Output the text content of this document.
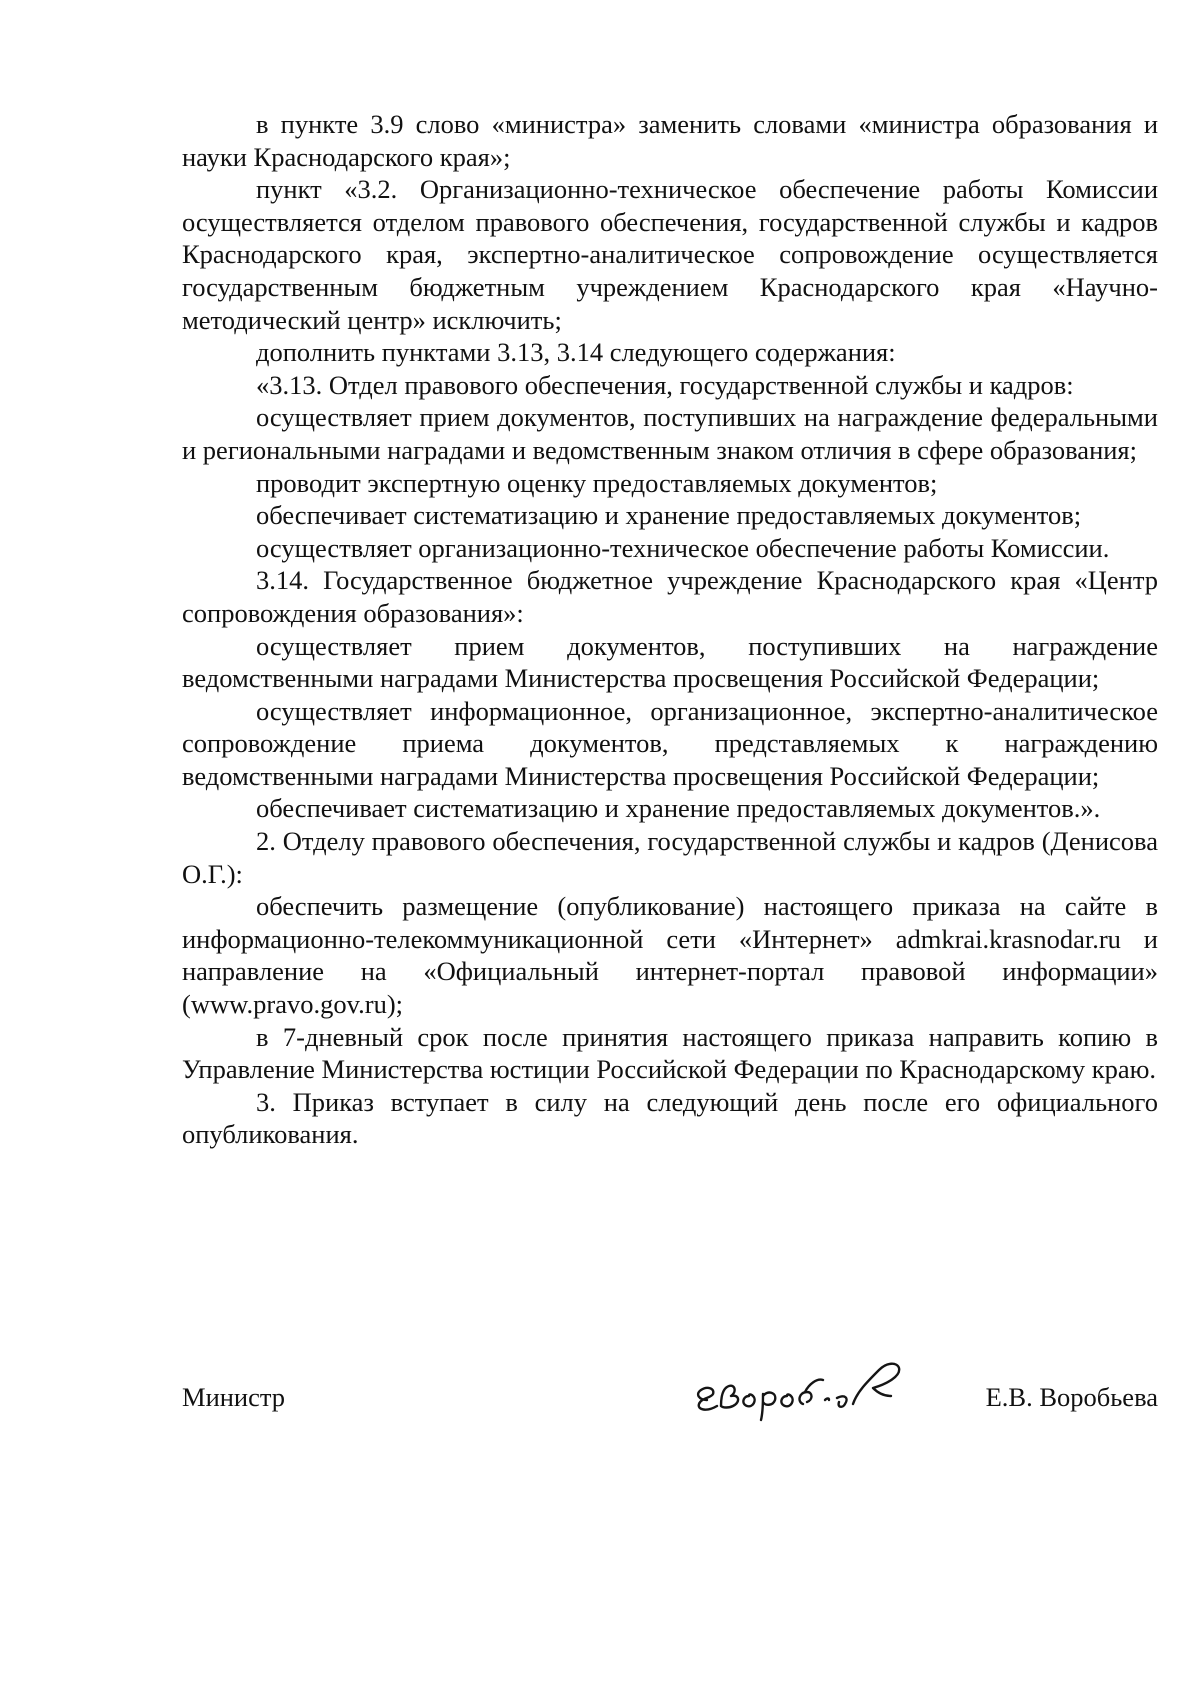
в пункте 3.9 слово «министра» заменить словами «министра образования и науки Краснодарского края»;

пункт «3.2. Организационно-техническое обеспечение работы Комиссии осуществляется отделом правового обеспечения, государственной службы и кадров Краснодарского края, экспертно-аналитическое сопровождение осуществляется государственным бюджетным учреждением Краснодарского края «Научно-методический центр» исключить;

дополнить пунктами 3.13, 3.14 следующего содержания:

«3.13. Отдел правового обеспечения, государственной службы и кадров:

осуществляет прием документов, поступивших на награждение федеральными и региональными наградами и ведомственным знаком отличия в сфере образования;

проводит экспертную оценку предоставляемых документов;

обеспечивает систематизацию и хранение предоставляемых документов;

осуществляет организационно-техническое обеспечение работы Комиссии.

3.14. Государственное бюджетное учреждение Краснодарского края «Центр сопровождения образования»:

осуществляет прием документов, поступивших на награждение ведомственными наградами Министерства просвещения Российской Федерации;

осуществляет информационное, организационное, экспертно-аналитическое сопровождение приема документов, представляемых к награждению ведомственными наградами Министерства просвещения Российской Федерации;

обеспечивает систематизацию и хранение предоставляемых документов.».

2. Отделу правового обеспечения, государственной службы и кадров (Денисова О.Г.):

обеспечить размещение (опубликование) настоящего приказа на сайте в информационно-телекоммуникационной сети «Интернет» admkrai.krasnodar.ru и направление на «Официальный интернет-портал правовой информации» (www.pravo.gov.ru);

в 7-дневный срок после принятия настоящего приказа направить копию в Управление Министерства юстиции Российской Федерации по Краснодарскому краю.

3. Приказ вступает в силу на следующий день после его официального опубликования.

Министр	Е.В. Воробьева
